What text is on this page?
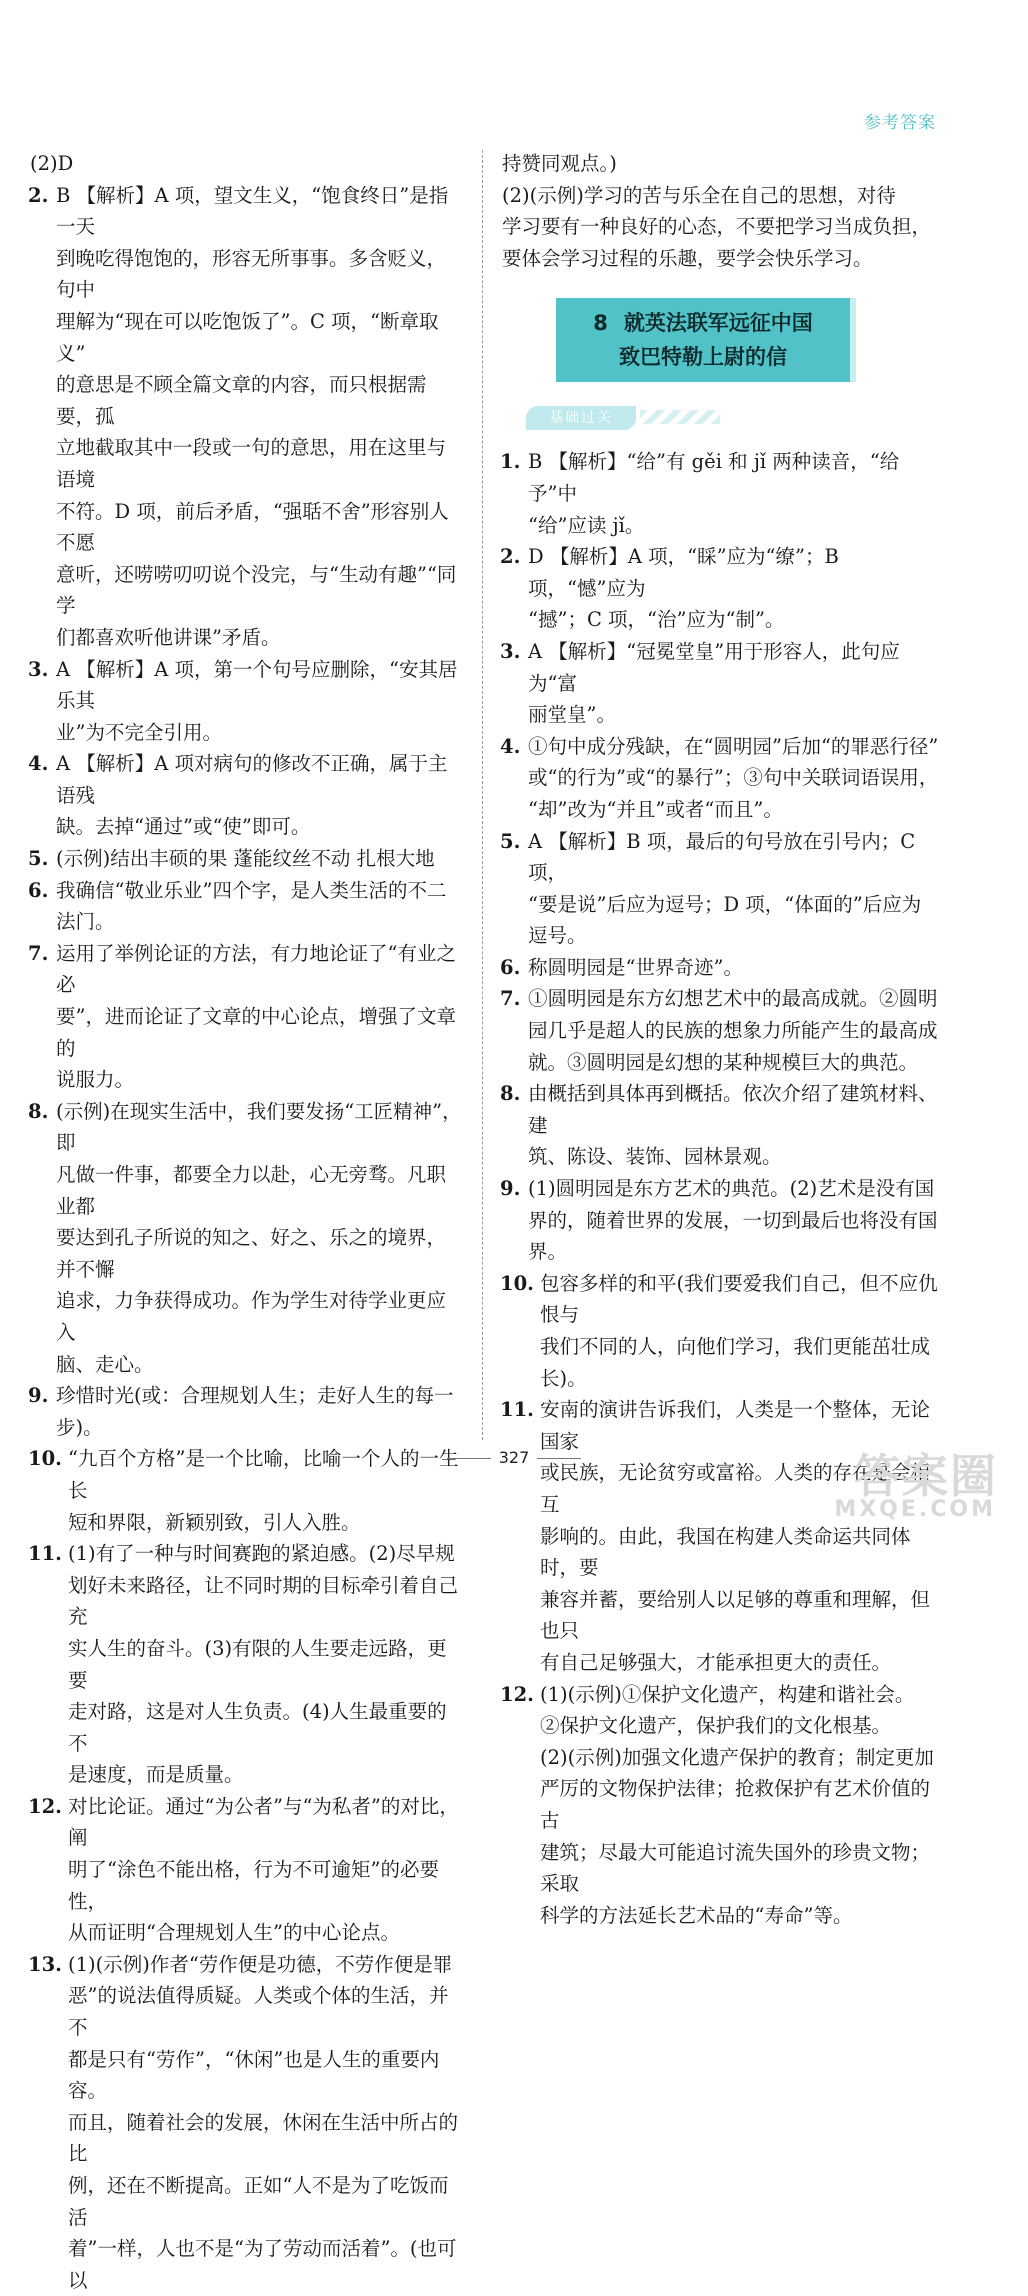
参考答案
(2)D
2. B 【解析】A 项，望文生义，“饱食终日”是指一天
到晚吃得饱饱的，形容无所事事。多含贬义，句中
理解为“现在可以吃饱饭了”。C 项，“断章取义”
的意思是不顾全篇文章的内容，而只根据需要，孤
立地截取其中一段或一句的意思，用在这里与语境
不符。D 项，前后矛盾，“强聒不舍”形容别人不愿
意听，还唠唠叨叨说个没完，与“生动有趣”“同学
们都喜欢听他讲课”矛盾。
3. A 【解析】A 项，第一个句号应删除，“安其居乐其
业”为不完全引用。
4. A 【解析】A 项对病句的修改不正确，属于主语残
缺。去掉“通过”或“使”即可。
5. (示例)结出丰硕的果 蓬能纹丝不动 扎根大地
6. 我确信“敬业乐业”四个字，是人类生活的不二
法门。
7. 运用了举例论证的方法，有力地论证了“有业之必
要”，进而论证了文章的中心论点，增强了文章的
说服力。
8. (示例)在现实生活中，我们要发扬“工匠精神”，即
凡做一件事，都要全力以赴，心无旁骛。凡职业都
要达到孔子所说的知之、好之、乐之的境界，并不懈
追求，力争获得成功。作为学生对待学业更应入
脑、走心。
9. 珍惜时光(或：合理规划人生；走好人生的每一
步)。
10. “九百个方格”是一个比喻，比喻一个人的一生长
短和界限，新颖别致，引人入胜。
11. (1)有了一种与时间赛跑的紧迫感。(2)尽早规
划好未来路径，让不同时期的目标牵引着自己充
实人生的奋斗。(3)有限的人生要走远路，更要
走对路，这是对人生负责。(4)人生最重要的不
是速度，而是质量。
12. 对比论证。通过“为公者”与“为私者”的对比，阐
明了“涂色不能出格，行为不可逾矩”的必要性，
从而证明“合理规划人生”的中心论点。
13. (1)(示例)作者“劳作便是功德，不劳作便是罪
恶”的说法值得质疑。人类或个体的生活，并不
都是只有“劳作”，“休闲”也是人生的重要内容。
而且，随着社会的发展，休闲在生活中所占的比
例，还在不断提高。正如“人不是为了吃饭而活
着”一样，人也不是“为了劳动而活着”。(也可以
持赞同观点。)
(2)(示例)学习的苦与乐全在自己的思想，对待
学习要有一种良好的心态，不要把学习当成负担，
要体会学习过程的乐趣，要学会快乐学习。
8 就英法联军远征中国
致巴特勒上尉的信
基础过关
1. B 【解析】“给”有 gěi 和 jǐ 两种读音，“给予”中
“给”应读 jǐ。
2. D 【解析】A 项，“睬”应为“缭”；B 项，“憾”应为
“撼”；C 项，“治”应为“制”。
3. A 【解析】“冠冕堂皇”用于形容人，此句应为“富
丽堂皇”。
4. ①句中成分残缺，在“圆明园”后加“的罪恶行径”
或“的行为”或“的暴行”；③句中关联词语误用，
“却”改为“并且”或者“而且”。
5. A 【解析】B 项，最后的句号放在引号内；C 项，
“要是说”后应为逗号；D 项，“体面的”后应为
逗号。
6. 称圆明园是“世界奇迹”。
7. ①圆明园是东方幻想艺术中的最高成就。②圆明
园几乎是超人的民族的想象力所能产生的最高成
就。③圆明园是幻想的某种规模巨大的典范。
8. 由概括到具体再到概括。依次介绍了建筑材料、建
筑、陈设、装饰、园林景观。
9. (1)圆明园是东方艺术的典范。(2)艺术是没有国
界的，随着世界的发展，一切到最后也将没有国界。
10. 包容多样的和平(我们要爱我们自己，但不应仇恨与
我们不同的人，向他们学习，我们更能茁壮成长)。
11. 安南的演讲告诉我们，人类是一个整体，无论国家
或民族，无论贫穷或富裕。人类的存在是会相互
影响的。由此，我国在构建人类命运共同体时，要
兼容并蓄，要给别人以足够的尊重和理解，但也只
有自己足够强大，才能承担更大的责任。
12. (1)(示例)①保护文化遗产，构建和谐社会。
②保护文化遗产，保护我们的文化根基。
(2)(示例)加强文化遗产保护的教育；制定更加
严厉的文物保护法律；抢救保护有艺术价值的古
建筑；尽最大可能追讨流失国外的珍贵文物；采取
科学的方法延长艺术品的“寿命”等。
327	答案圈
MXQE.COM
